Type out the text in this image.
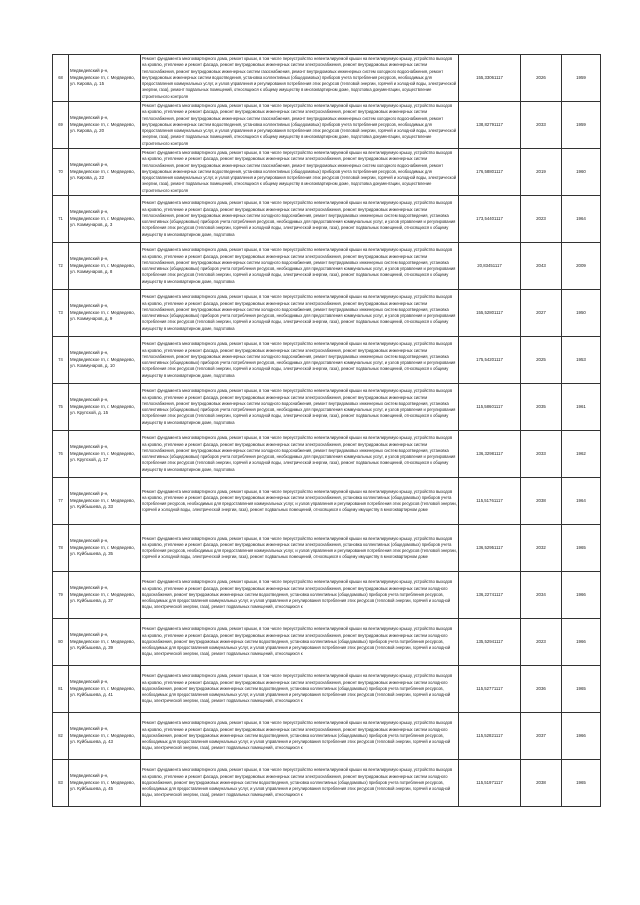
68	Медведевский р-н, Медведевское гп, г. Медведево, ул. Кирова, д. 15	Ремонт фундамента многоквартирного дома, ремонт крыши, в том числе переустройство невентилируемой крыши на вентилируемую крышу, устройство выходов на кровлю, утепление и ремонт фасада, ремонт внутридомовых инженерных систем электроснабжения, ремонт внутридомовых инженерных систем теплоснабжения, ремонт внутридомовых инженерных систем газоснабжения, ремонт внутридомовых инженерных систем холодного водоснабжения, ремонт внутридомовых инженерных систем водоотведения, установка коллективных (общедомовых) приборов учета потребления ресурсов, необходимых для предоставления коммунальных услуг, и узлов управления и регулирования потребления этих ресурсов (тепловой энергии, горячей и холодной воды, электрической энергии, газа), ремонт подвальных помещений, относящихся к общему имуществу в многоквартирном доме, подготовка документации, осуществление строительного контроля	155,33061117	2026	1959
69	Медведевский р-н, Медведевское гп, г. Медведево, ул. Кирова, д. 20	Ремонт фундамента многоквартирного дома, ремонт крыши, в том числе переустройство невентилируемой крыши на вентилируемую крышу, устройство выходов на кровлю, утепление и ремонт фасада, ремонт внутридомовых инженерных систем электроснабжения, ремонт внутридомовых инженерных систем теплоснабжения, ремонт внутридомовых инженерных систем газоснабжения, ремонт внутридомовых инженерных систем холодного водоснабжения, ремонт внутридомовых инженерных систем водоотведения, установка коллективных (общедомовых) приборов учета потребления ресурсов, необходимых для предоставления коммунальных услуг, и узлов управления и регулирования потребления этих ресурсов (тепловой энергии, горячей и холодной воды, электрической энергии, газа), ремонт подвальных помещений, относящихся к общему имуществу в многоквартирном доме, подготовка документации, осуществление строительного контроля	138,82791117	2033	1959
70	Медведевский р-н, Медведевское гп, г. Медведево, ул. Кирова, д. 22	Ремонт фундамента многоквартирного дома, ремонт крыши, в том числе переустройство невентилируемой крыши на вентилируемую крышу, устройство выходов на кровлю, утепление и ремонт фасада, ремонт внутридомовых инженерных систем электроснабжения, ремонт внутридомовых инженерных систем теплоснабжения, ремонт внутридомовых инженерных систем газоснабжения, ремонт внутридомовых инженерных систем холодного водоснабжения, ремонт внутридомовых инженерных систем водоотведения, установка коллективных (общедомовых) приборов учета потребления ресурсов, необходимых для предоставления коммунальных услуг, и узлов управления и регулирования потребления этих ресурсов (тепловой энергии, горячей и холодной воды, электрической энергии, газа), ремонт подвальных помещений, относящихся к общему имуществу в многоквартирном доме, подготовка документации, осуществление строительного контроля	176,58801117	2019	1960
71	Медведевский р-н, Медведевское гп, г. Медведево, ул. Коммунаров, д. 3	Ремонт фундамента многоквартирного дома, ремонт крыши, в том числе переустройство невентилируемой крыши на вентилируемую крышу, устройство выходов на кровлю, утепление и ремонт фасада, ремонт внутридомовых инженерных систем электроснабжения, ремонт внутридомовых инженерных систем теплоснабжения, ремонт внутридомовых инженерных систем холодного водоснабжения, ремонт внутридомовых инженерных систем водоотведения, установка коллективных (общедомовых) приборов учета потребления ресурсов, необходимых для предоставления коммунальных услуг, и узлов управления и регулирования потребления этих ресурсов (тепловой энергии, горячей и холодной воды, электрической энергии, газа), ремонт подвальных помещений, относящихся к общему имуществу в многоквартирном доме, подготовка	173,54401117	2023	1964
72	Медведевский р-н, Медведевское гп, г. Медведево, ул. Коммунаров, д. 8	Ремонт фундамента многоквартирного дома, ремонт крыши, в том числе переустройство невентилируемой крыши на вентилируемую крышу, устройство выходов на кровлю, утепление и ремонт фасада, ремонт внутридомовых инженерных систем электроснабжения, ремонт внутридомовых инженерных систем теплоснабжения, ремонт внутридомовых инженерных систем холодного водоснабжения, ремонт внутридомовых инженерных систем водоотведения, установка коллективных (общедомовых) приборов учета потребления ресурсов, необходимых для предоставления коммунальных услуг, и узлов управления и регулирования потребления этих ресурсов (тепловой энергии, горячей и холодной воды, электрической энергии, газа), ремонт подвальных помещений, относящихся к общему имуществу в многоквартирном доме, подготовка	20,83451117	2043	2009
73	Медведевский р-н, Медведевское гп, г. Медведево, ул. Коммунаров, д. 9	Ремонт фундамента многоквартирного дома, ремонт крыши, в том числе переустройство невентилируемой крыши на вентилируемую крышу, устройство выходов на кровлю, утепление и ремонт фасада, ремонт внутридомовых инженерных систем электроснабжения, ремонт внутридомовых инженерных систем теплоснабжения, ремонт внутридомовых инженерных систем холодного водоснабжения, ремонт внутридомовых инженерных систем водоотведения, установка коллективных (общедомовых) приборов учета потребления ресурсов, необходимых для предоставления коммунальных услуг, и узлов управления и регулирования потребления этих ресурсов (тепловой энергии, горячей и холодной воды, электрической энергии, газа), ремонт подвальных помещений, относящихся к общему имуществу в многоквартирном доме, подготовка	155,52801117	2027	1950
74	Медведевский р-н, Медведевское гп, г. Медведево, ул. Коммунаров, д. 10	Ремонт фундамента многоквартирного дома, ремонт крыши, в том числе переустройство невентилируемой крыши на вентилируемую крышу, устройство выходов на кровлю, утепление и ремонт фасада, ремонт внутридомовых инженерных систем электроснабжения, ремонт внутридомовых инженерных систем теплоснабжения, ремонт внутридомовых инженерных систем холодного водоснабжения, ремонт внутридомовых инженерных систем водоотведения, установка коллективных (общедомовых) приборов учета потребления ресурсов, необходимых для предоставления коммунальных услуг, и узлов управления и регулирования потребления этих ресурсов (тепловой энергии, горячей и холодной воды, электрической энергии, газа), ремонт подвальных помещений, относящихся к общему имуществу в многоквартирном доме, подготовка	175,54201117	2025	1953
75	Медведевский р-н, Медведевское гп, г. Медведево, ул. Крупской, д. 15	Ремонт фундамента многоквартирного дома, ремонт крыши, в том числе переустройство невентилируемой крыши на вентилируемую крышу, устройство выходов на кровлю, утепление и ремонт фасада, ремонт внутридомовых инженерных систем электроснабжения, ремонт внутридомовых инженерных систем теплоснабжения, ремонт внутридомовых инженерных систем холодного водоснабжения, ремонт внутридомовых инженерных систем водоотведения, установка коллективных (общедомовых) приборов учета потребления ресурсов, необходимых для предоставления коммунальных услуг, и узлов управления и регулирования потребления этих ресурсов (тепловой энергии, горячей и холодной воды, электрической энергии, газа), ремонт подвальных помещений, относящихся к общему имуществу в многоквартирном доме, подготовка	115,58601117	2035	1961
76	Медведевский р-н, Медведевское гп, г. Медведево, ул. Крупской, д. 17	Ремонт фундамента многоквартирного дома, ремонт крыши, в том числе переустройство невентилируемой крыши на вентилируемую крышу, устройство выходов на кровлю, утепление и ремонт фасада, ремонт внутридомовых инженерных систем электроснабжения, ремонт внутридомовых инженерных систем теплоснабжения, ремонт внутридомовых инженерных систем холодного водоснабжения, ремонт внутридомовых инженерных систем водоотведения, установка коллективных (общедомовых) приборов учета потребления ресурсов, необходимых для предоставления коммунальных услуг, и узлов управления и регулирования потребления этих ресурсов (тепловой энергии, горячей и холодной воды, электрической энергии, газа), ремонт подвальных помещений, относящихся к общему имуществу в многоквартирном доме, подготовка	136,32981117	2033	1962
77	Медведевский р-н, Медведевское гп, г. Медведево, ул. Куйбышева, д. 33	Ремонт фундамента многоквартирного дома, ремонт крыши, в том числе переустройство невентилируемой крыши на вентилируемую крышу, устройство выходов на кровлю, утепление и ремонт фасада, ремонт внутридомовых инженерных систем электроснабжения, установка коллективных (общедомовых) приборов учета потребления ресурсов, необходимых для предоставления коммунальных услуг, и узлов управления и регулирования потребления этих ресурсов (тепловой энергии, горячей и холодной воды, электрической энергии, газа), ремонт подвальных помещений, относящихся к общему имуществу в многоквартирном доме	115,51761117	2038	1964
78	Медведевский р-н, Медведевское гп, г. Медведево, ул. Куйбышева, д. 35	Ремонт фундамента многоквартирного дома, ремонт крыши, в том числе переустройство невентилируемой крыши на вентилируемую крышу, устройство выходов на кровлю, утепление и ремонт фасада, ремонт внутридомовых инженерных систем электроснабжения, установка коллективных (общедомовых) приборов учета потребления ресурсов, необходимых для предоставления коммунальных услуг, и узлов управления и регулирования потребления этих ресурсов (тепловой энергии, горячей и холодной воды, электрической энергии, газа), ремонт подвальных помещений, относящихся к общему имуществу в многоквартирном доме	136,52951117	2032	1965
79	Медведевский р-н, Медведевское гп, г. Медведево, ул. Куйбышева, д. 37	Ремонт фундамента многоквартирного дома, ремонт крыши, в том числе переустройство невентилируемой крыши на вентилируемую крышу, устройство выходов на кровлю, утепление и ремонт фасада, ремонт внутридомовых инженерных систем электроснабжения, ремонт внутридомовых инженерных систем холодного водоснабжения, ремонт внутридомовых инженерных систем водоотведения, установка коллективных (общедомовых) приборов учета потребления ресурсов, необходимых для предоставления коммунальных услуг, и узлов управления и регулирования потребления этих ресурсов (тепловой энергии, горячей и холодной воды, электрической энергии, газа), ремонт подвальных помещений, относящихся к	136,22741117	2034	1966
80	Медведевский р-н, Медведевское гп, г. Медведево, ул. Куйбышева, д. 39	Ремонт фундамента многоквартирного дома, ремонт крыши, в том числе переустройство невентилируемой крыши на вентилируемую крышу, устройство выходов на кровлю, утепление и ремонт фасада, ремонт внутридомовых инженерных систем электроснабжения, ремонт внутридомовых инженерных систем холодного водоснабжения, ремонт внутридомовых инженерных систем водоотведения, установка коллективных (общедомовых) приборов учета потребления ресурсов, необходимых для предоставления коммунальных услуг, и узлов управления и регулирования потребления этих ресурсов (тепловой энергии, горячей и холодной воды, электрической энергии, газа), ремонт подвальных помещений, относящихся к	135,52941117	2023	1966
81	Медведевский р-н, Медведевское гп, г. Медведево, ул. Куйбышева, д. 41	Ремонт фундамента многоквартирного дома, ремонт крыши, в том числе переустройство невентилируемой крыши на вентилируемую крышу, устройство выходов на кровлю, утепление и ремонт фасада, ремонт внутридомовых инженерных систем электроснабжения, ремонт внутридомовых инженерных систем холодного водоснабжения, ремонт внутридомовых инженерных систем водоотведения, установка коллективных (общедомовых) приборов учета потребления ресурсов, необходимых для предоставления коммунальных услуг, и узлов управления и регулирования потребления этих ресурсов (тепловой энергии, горячей и холодной воды, электрической энергии, газа), ремонт подвальных помещений, относящихся к	115,52771117	2036	1965
82	Медведевский р-н, Медведевское гп, г. Медведево, ул. Куйбышева, д. 43	Ремонт фундамента многоквартирного дома, ремонт крыши, в том числе переустройство невентилируемой крыши на вентилируемую крышу, устройство выходов на кровлю, утепление и ремонт фасада, ремонт внутридомовых инженерных систем электроснабжения, ремонт внутридомовых инженерных систем холодного водоснабжения, ремонт внутридомовых инженерных систем водоотведения, установка коллективных (общедомовых) приборов учета потребления ресурсов, необходимых для предоставления коммунальных услуг, и узлов управления и регулирования потребления этих ресурсов (тепловой энергии, горячей и холодной воды, электрической энергии, газа), ремонт подвальных помещений, относящихся к	115,52821117	2037	1966
83	Медведевский р-н, Медведевское гп, г. Медведево, ул. Куйбышева, д. 45	Ремонт фундамента многоквартирного дома, ремонт крыши, в том числе переустройство невентилируемой крыши на вентилируемую крышу, устройство выходов на кровлю, утепление и ремонт фасада, ремонт внутридомовых инженерных систем электроснабжения, ремонт внутридомовых инженерных систем холодного водоснабжения, ремонт внутридомовых инженерных систем водоотведения, установка коллективных (общедомовых) приборов учета потребления ресурсов, необходимых для предоставления коммунальных услуг, и узлов управления и регулирования потребления этих ресурсов (тепловой энергии, горячей и холодной воды, электрической энергии, газа), ремонт подвальных помещений, относящихся к	115,51971117	2038	1965
